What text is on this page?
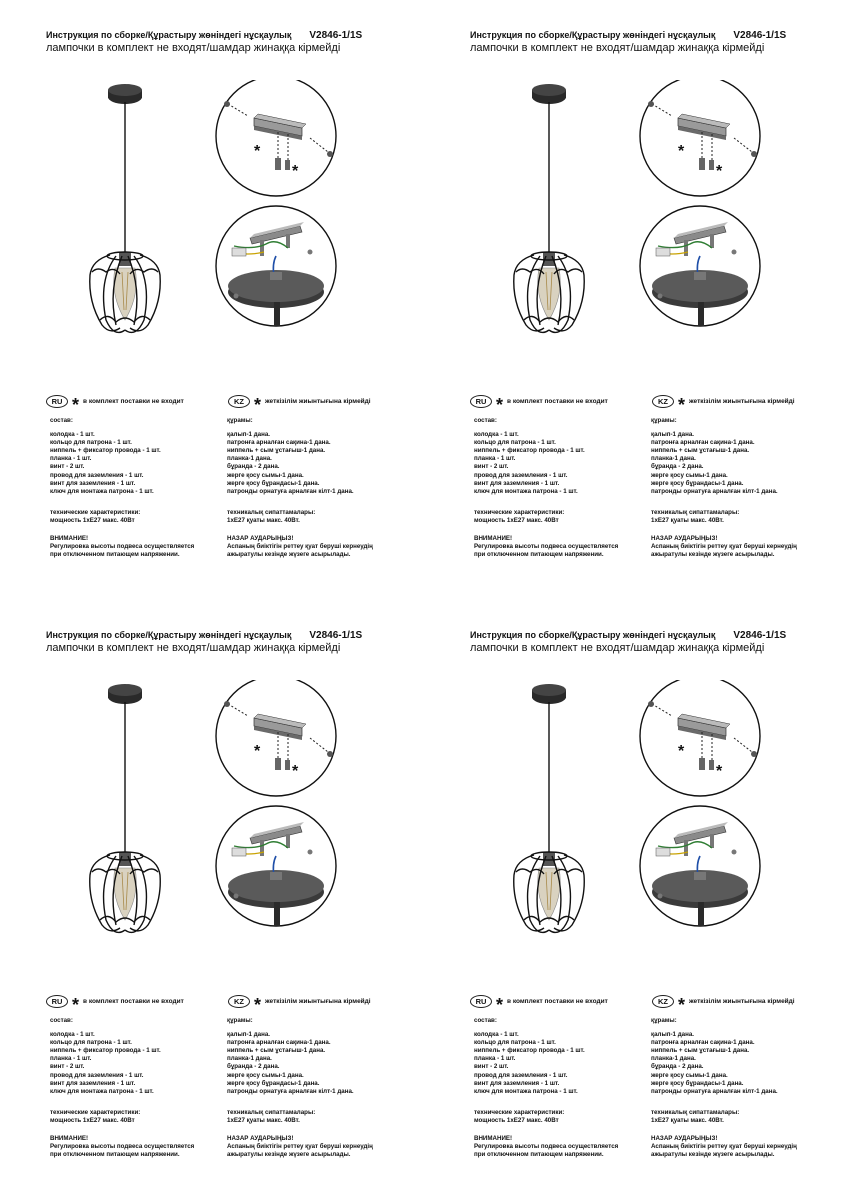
Инструкция по сборке/Құрастыру жөніндегі нұсқаулық V2846-1/1S
лампочки в комплект не входят/шамдар жинаққа кірмейді
*
*
RU * в комплект поставки не входит	KZ * жеткізілім жиынтығына кірмейді
состав:
колодка - 1 шт.
кольцо для патрона - 1 шт.
ниппель + фиксатор провода - 1 шт.
планка - 1 шт.
винт - 2 шт.
провод для заземления - 1 шт.
винт для заземления - 1 шт.
ключ для монтажа патрона - 1 шт.
технические характеристики:
мощность 1хЕ27 макс. 40Вт
ВНИМАНИЕ!
Регулировка высоты подвеса осуществляется
при отключенном питающем напряжении.
құрамы:
қалып-1 дана.
патронға арналған сақина-1 дана.
ниппель + сым ұстағыш-1 дана.
планка-1 дана.
бұранда - 2 дана.
жерге қосу сымы-1 дана.
жерге қосу бұрандасы-1 дана.
патронды орнатуға арналған кілт-1 дана.
техникалық сипаттамалары:
1хЕ27 қуаты макс. 40Вт.
НАЗАР АУДАРЫҢЫЗ!
Аспаның биіктігін реттеу қуат беруші кернеудің
ажыратулы кезінде жүзеге асырылады.
Инструкция по сборке/Құрастыру жөніндегі нұсқаулық V2846-1/1S
лампочки в комплект не входят/шамдар жинаққа кірмейді
*
*
RU * в комплект поставки не входит	KZ * жеткізілім жиынтығына кірмейді
состав:
колодка - 1 шт.
кольцо для патрона - 1 шт.
ниппель + фиксатор провода - 1 шт.
планка - 1 шт.
винт - 2 шт.
провод для заземления - 1 шт.
винт для заземления - 1 шт.
ключ для монтажа патрона - 1 шт.
технические характеристики:
мощность 1хЕ27 макс. 40Вт
ВНИМАНИЕ!
Регулировка высоты подвеса осуществляется
при отключенном питающем напряжении.
құрамы:
қалып-1 дана.
патронға арналған сақина-1 дана.
ниппель + сым ұстағыш-1 дана.
планка-1 дана.
бұранда - 2 дана.
жерге қосу сымы-1 дана.
жерге қосу бұрандасы-1 дана.
патронды орнатуға арналған кілт-1 дана.
техникалық сипаттамалары:
1хЕ27 қуаты макс. 40Вт.
НАЗАР АУДАРЫҢЫЗ!
Аспаның биіктігін реттеу қуат беруші кернеудің
ажыратулы кезінде жүзеге асырылады.
Инструкция по сборке/Құрастыру жөніндегі нұсқаулық V2846-1/1S
лампочки в комплект не входят/шамдар жинаққа кірмейді
*
*
RU * в комплект поставки не входит	KZ * жеткізілім жиынтығына кірмейді
состав:
колодка - 1 шт.
кольцо для патрона - 1 шт.
ниппель + фиксатор провода - 1 шт.
планка - 1 шт.
винт - 2 шт.
провод для заземления - 1 шт.
винт для заземления - 1 шт.
ключ для монтажа патрона - 1 шт.
технические характеристики:
мощность 1хЕ27 макс. 40Вт
ВНИМАНИЕ!
Регулировка высоты подвеса осуществляется
при отключенном питающем напряжении.
құрамы:
қалып-1 дана.
патронға арналған сақина-1 дана.
ниппель + сым ұстағыш-1 дана.
планка-1 дана.
бұранда - 2 дана.
жерге қосу сымы-1 дана.
жерге қосу бұрандасы-1 дана.
патронды орнатуға арналған кілт-1 дана.
техникалық сипаттамалары:
1хЕ27 қуаты макс. 40Вт.
НАЗАР АУДАРЫҢЫЗ!
Аспаның биіктігін реттеу қуат беруші кернеудің
ажыратулы кезінде жүзеге асырылады.
Инструкция по сборке/Құрастыру жөніндегі нұсқаулық V2846-1/1S
лампочки в комплект не входят/шамдар жинаққа кірмейді
*
*
RU * в комплект поставки не входит	KZ * жеткізілім жиынтығына кірмейді
состав:
колодка - 1 шт.
кольцо для патрона - 1 шт.
ниппель + фиксатор провода - 1 шт.
планка - 1 шт.
винт - 2 шт.
провод для заземления - 1 шт.
винт для заземления - 1 шт.
ключ для монтажа патрона - 1 шт.
технические характеристики:
мощность 1хЕ27 макс. 40Вт
ВНИМАНИЕ!
Регулировка высоты подвеса осуществляется
при отключенном питающем напряжении.
құрамы:
қалып-1 дана.
патронға арналған сақина-1 дана.
ниппель + сым ұстағыш-1 дана.
планка-1 дана.
бұранда - 2 дана.
жерге қосу сымы-1 дана.
жерге қосу бұрандасы-1 дана.
патронды орнатуға арналған кілт-1 дана.
техникалық сипаттамалары:
1хЕ27 қуаты макс. 40Вт.
НАЗАР АУДАРЫҢЫЗ!
Аспаның биіктігін реттеу қуат беруші кернеудің
ажыратулы кезінде жүзеге асырылады.
